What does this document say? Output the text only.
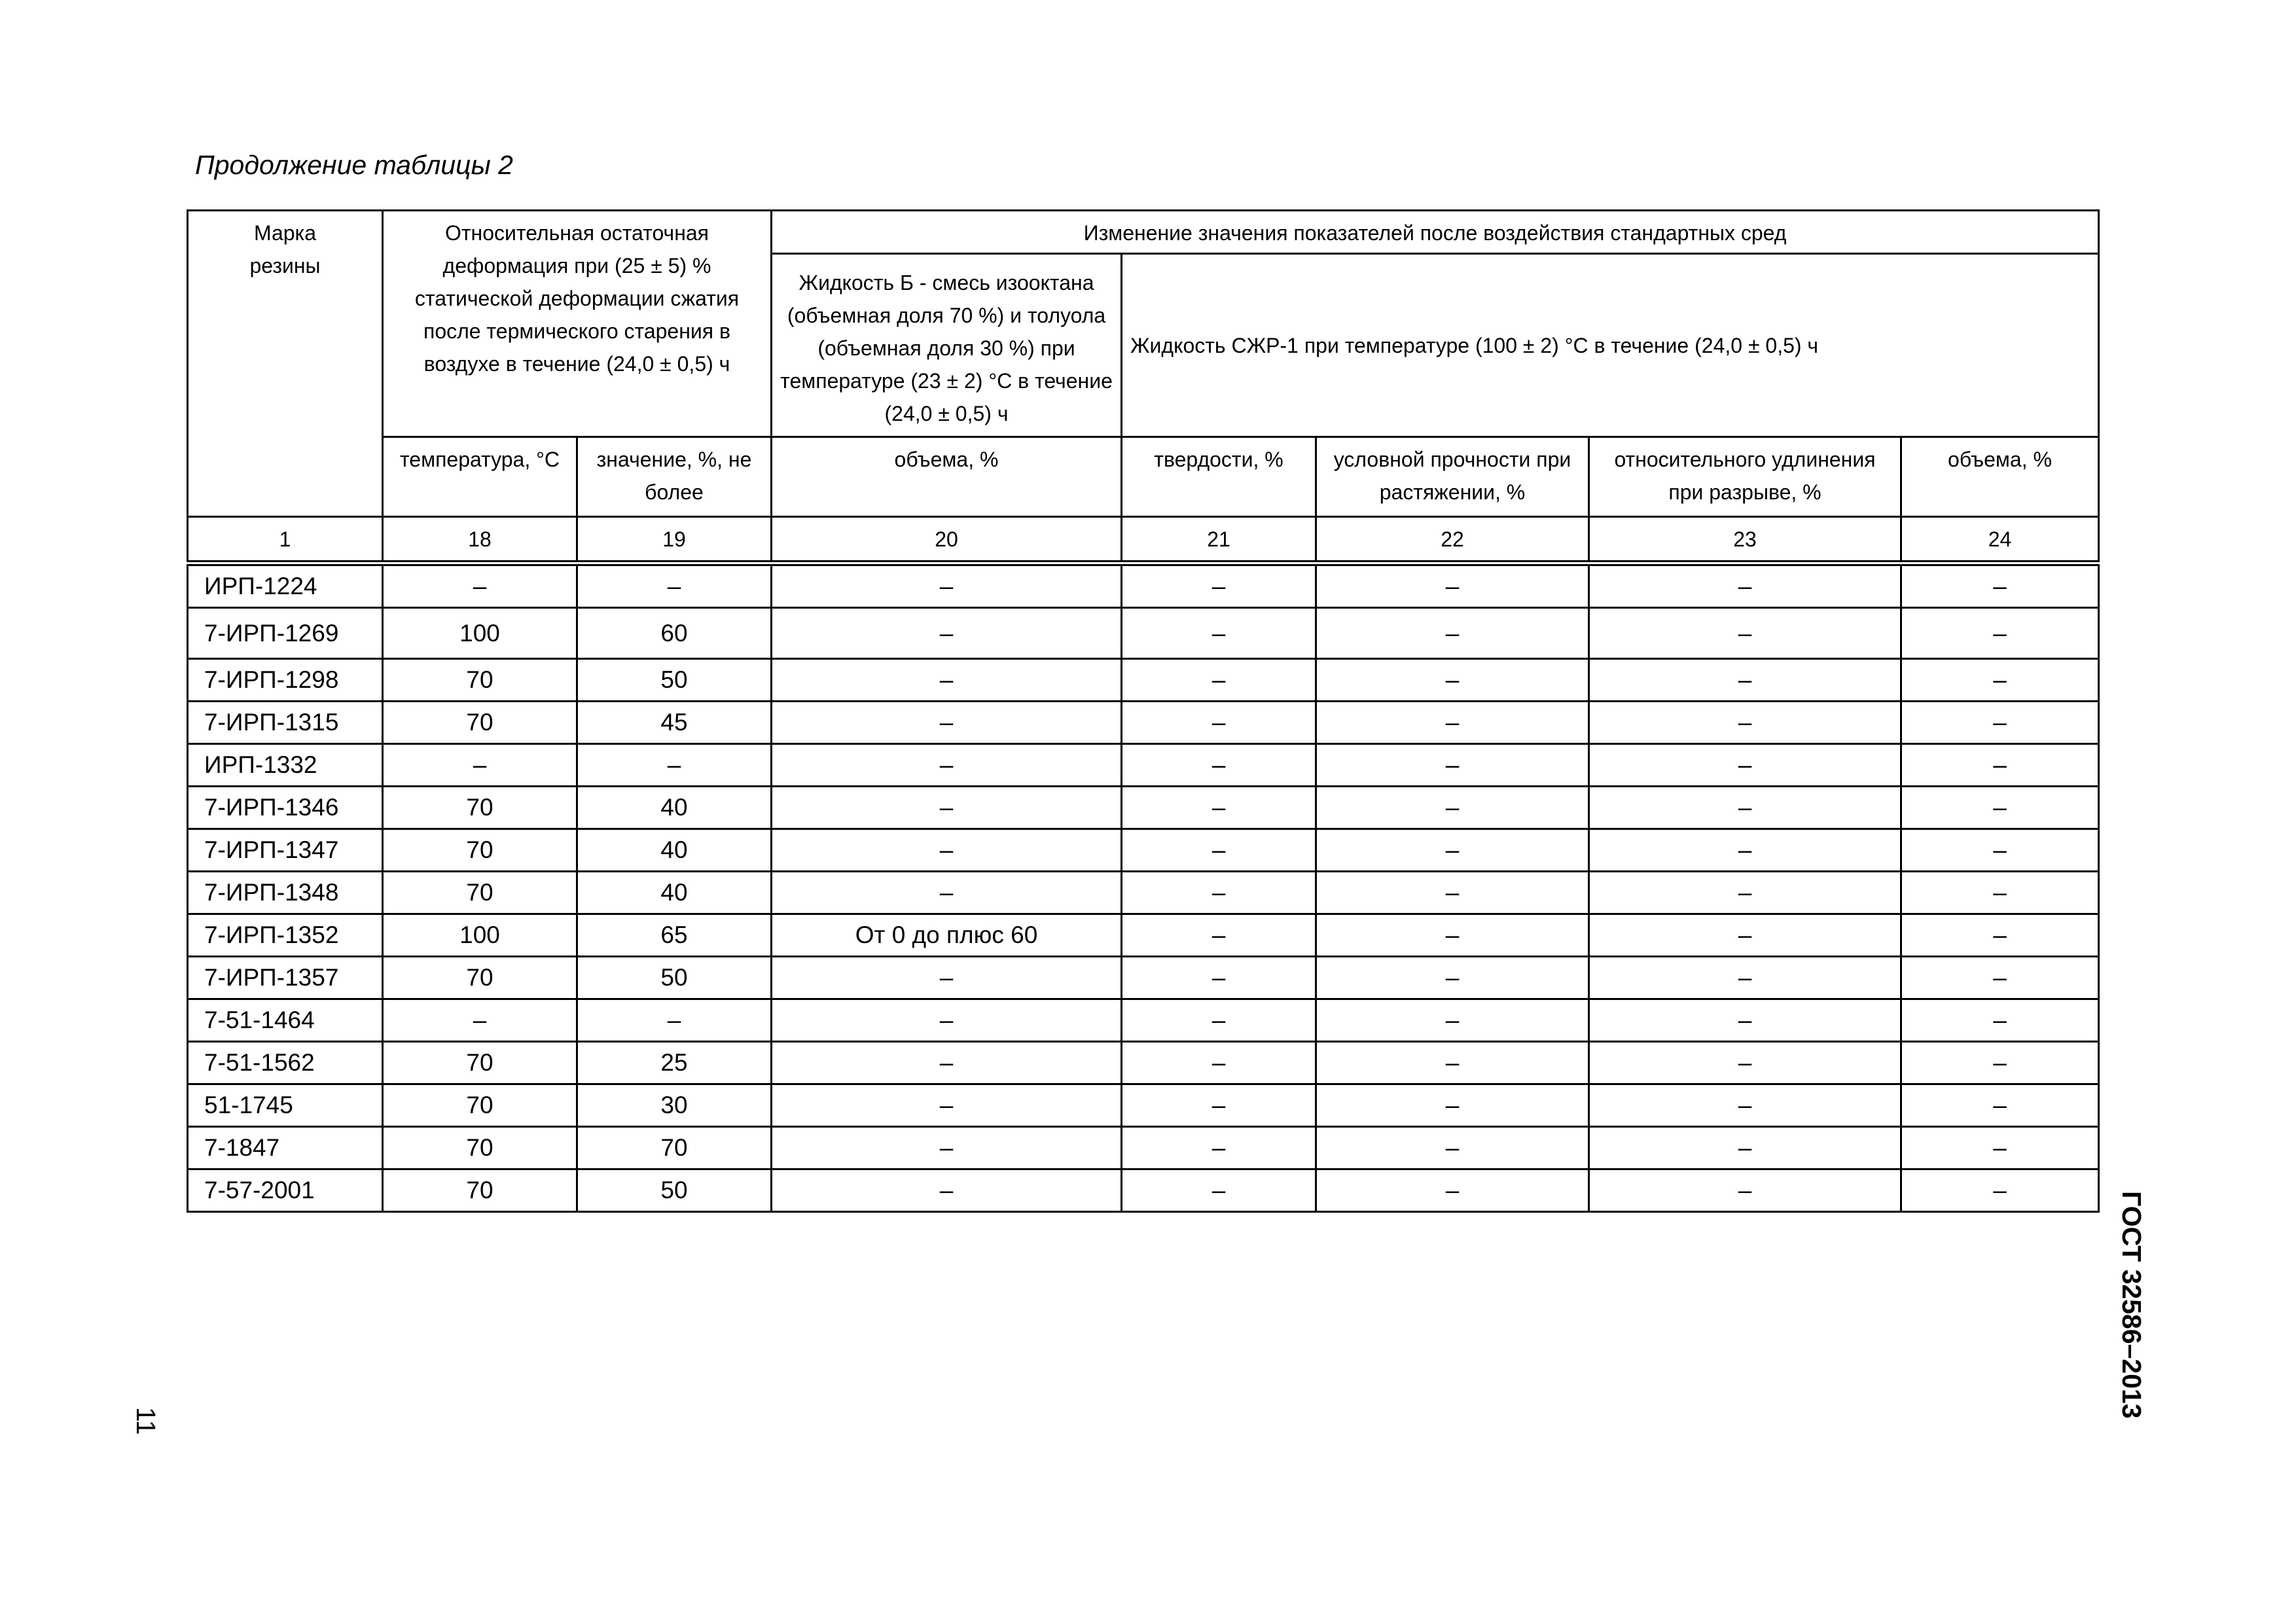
Продолжение таблицы 2
Марка резины	Относительная остаточная деформация при (25 ± 5) % статической деформации сжатия после термического старения в воздухе в течение (24,0 ± 0,5) ч		Изменение значения показателей после воздействия стандартных сред				

			Жидкость Б - смесь изооктана (объемная доля 70 %) и толуола (объемная доля 30 %) при температуре (23 ± 2) °С в течение (24,0 ± 0,5) ч	Жидкость СЖР-1 при температуре (100 ± 2) °С в течение (24,0 ± 0,5) ч			

	температура, °С	значение, %, не более	объема, %	твердости, %	условной прочности при растяжении, %	относительного удлинения при разрыве, %	объема, %

1	18	19	20	21	22	23	24
ИРП-1224	–	–	–	–	–	–	–
7-ИРП-1269	100	60	–	–	–	–	–
7-ИРП-1298	70	50	–	–	–	–	–
7-ИРП-1315	70	45	–	–	–	–	–
ИРП-1332	–	–	–	–	–	–	–
7-ИРП-1346	70	40	–	–	–	–	–
7-ИРП-1347	70	40	–	–	–	–	–
7-ИРП-1348	70	40	–	–	–	–	–
7-ИРП-1352	100	65	От 0 до плюс 60	–	–	–	–
7-ИРП-1357	70	50	–	–	–	–	–
7-51-1464	–	–	–	–	–	–	–
7-51-1562	70	25	–	–	–	–	–
51-1745	70	30	–	–	–	–	–
7-1847	70	70	–	–	–	–	–
7-57-2001	70	50	–	–	–	–	–
ГОСТ 32586–2013
11
